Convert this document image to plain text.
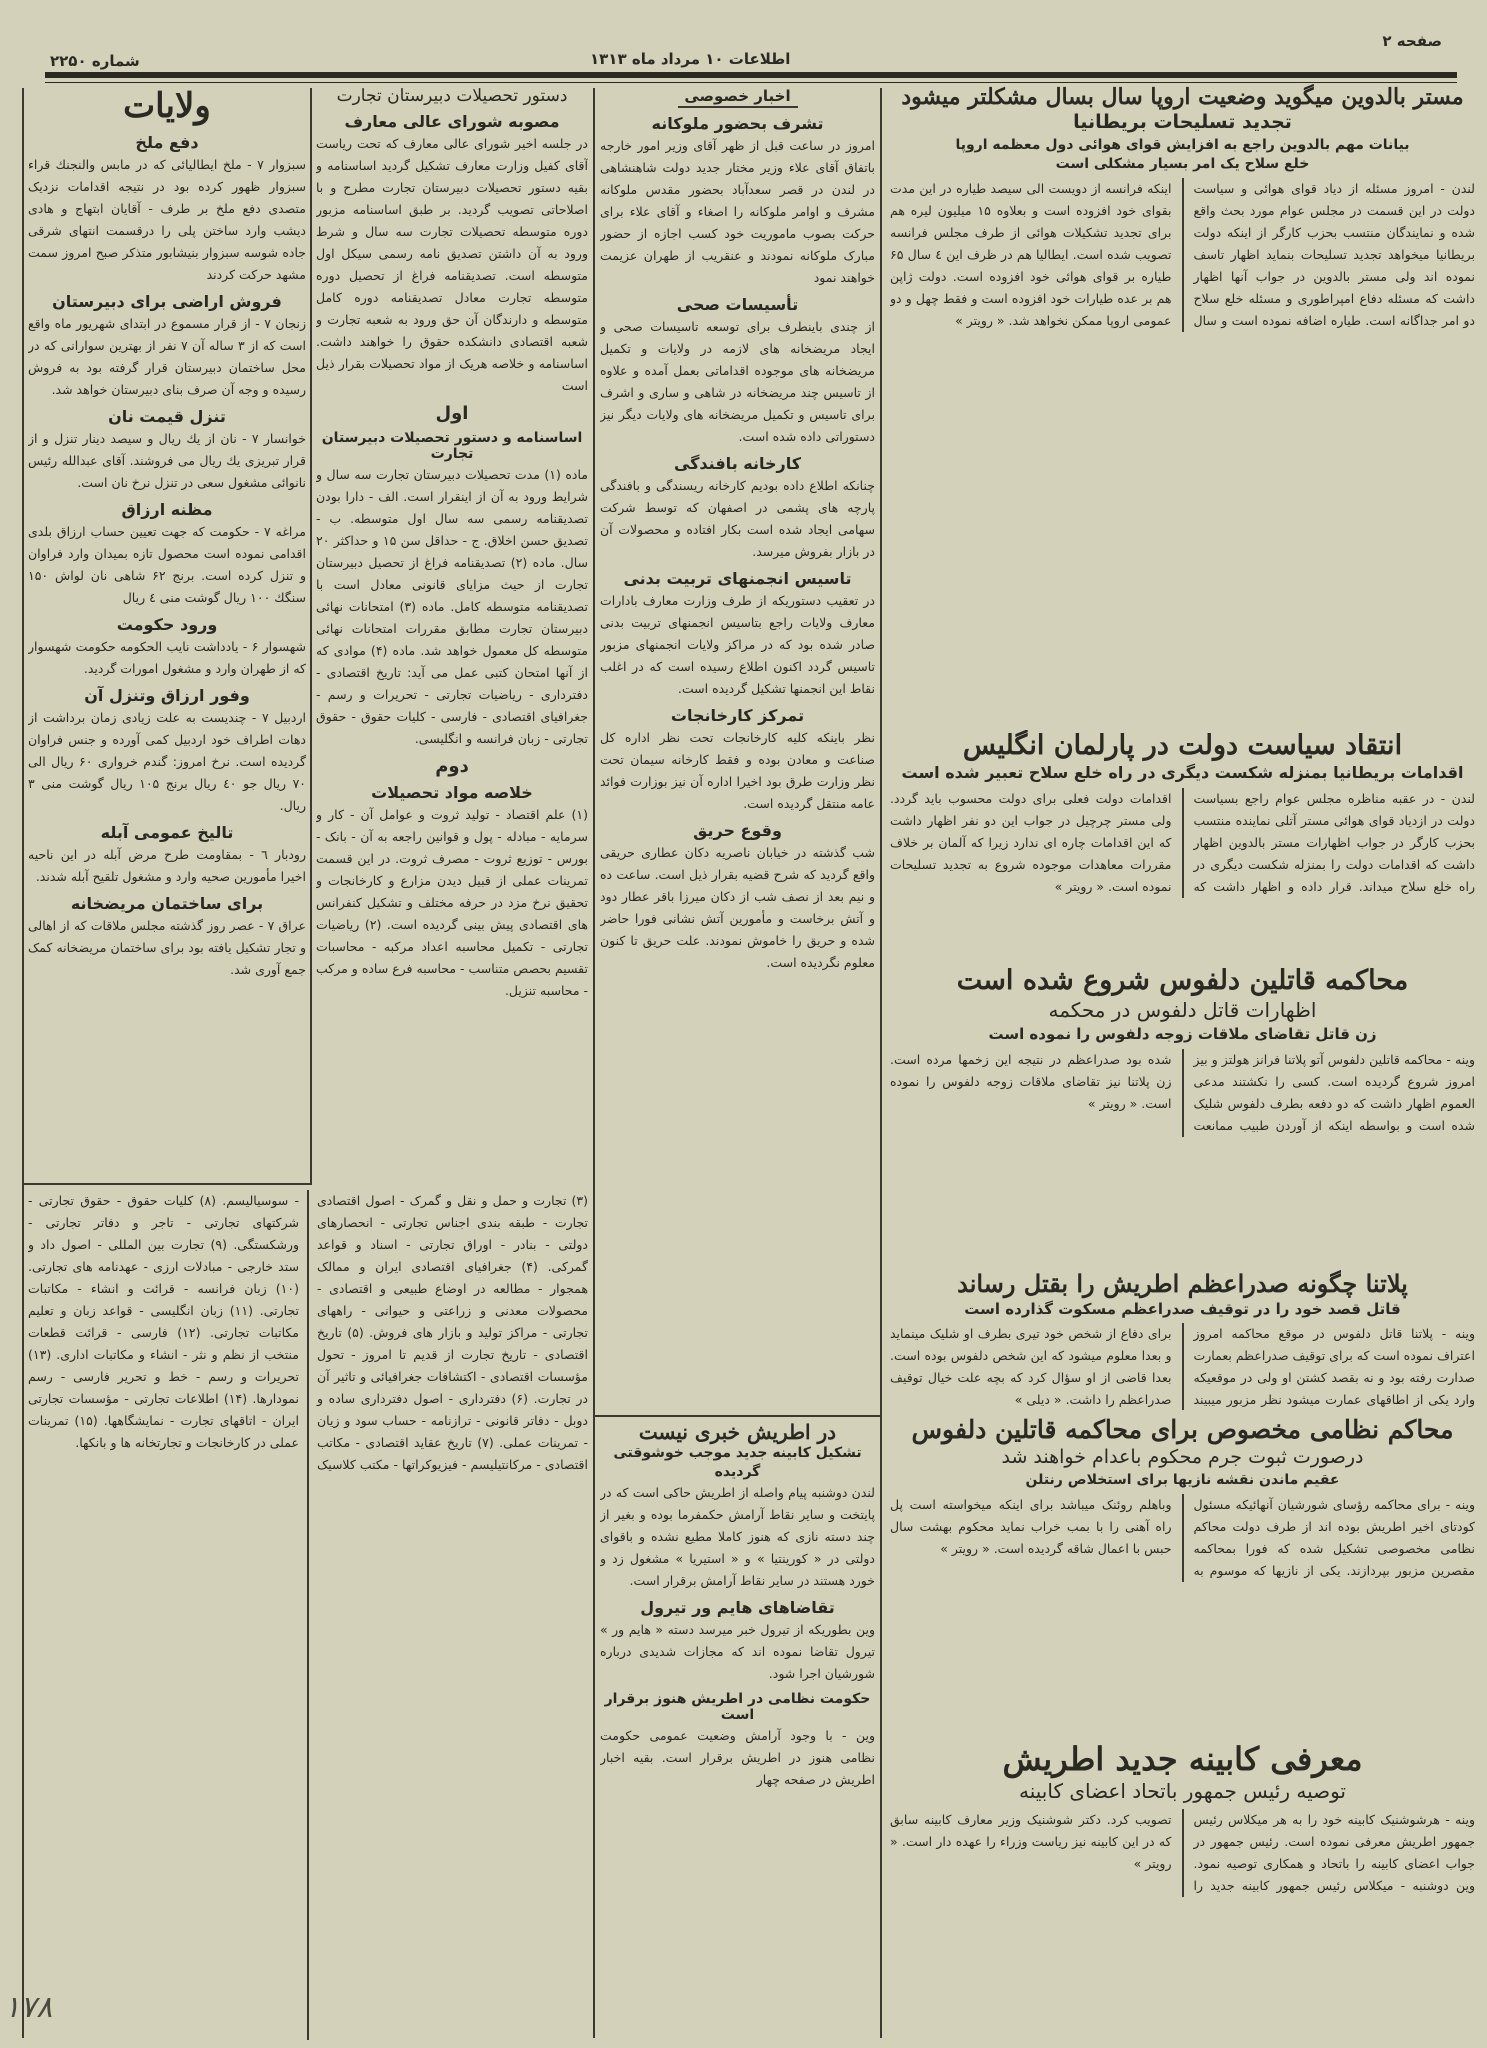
صفحه ۲
اطلاعات ۱۰ مرداد ماه ۱۳۱۳
شماره ۲۲۵۰
مستر بالدوین میگوید وضعیت اروپا سال بسال مشکلتر میشود
تجدید تسلیحات بریطانیا
بیانات مهم بالدوین راجع به افزایش قوای هوائی دول معظمه اروپا
خلع سلاح یک امر بسیار مشکلی است
لندن - امروز مسئله از دیاد قوای هوائی و سیاست دولت در این قسمت در مجلس عوام مورد بحث واقع شده و نمایندگان منتسب بحزب کارگر از اینکه دولت بریطانیا میخواهد تجدید تسلیحات بنماید اظهار تاسف نموده اند ولی مستر بالدوین در جواب آنها اظهار داشت که مسئله دفاع امپراطوری و مسئله خلع سلاح دو امر جداگانه است. طیاره اضافه نموده است و سال اینکه فرانسه از دویست الی سیصد طیاره در این مدت بقوای خود افزوده است و بعلاوه ۱۵ میلیون لیره هم برای تجدید تشکیلات هوائی از طرف مجلس فرانسه تصویب شده است. ایطالیا هم در ظرف این ٤ سال ۶۵ طیاره بر قوای هوائی خود افزوده است. دولت ژاپن هم بر عده طیارات خود افزوده است و فقط چهل و دو عمومی اروپا ممکن نخواهد شد. « رویتر »
انتقاد سیاست دولت در پارلمان انگلیس
اقدامات بریطانیا بمنزله شکست دیگری در راه خلع سلاح تعبیر شده است
لندن - در عقبه مناظره مجلس عوام راجع بسیاست دولت در ازدیاد قوای هوائی مستر آتلی نماینده منتسب بحزب کارگر در جواب اظهارات مستر بالدوین اظهار داشت که اقدامات دولت را بمنزله شکست دیگری در راه خلع سلاح میداند. قرار داده و اظهار داشت که اقدامات دولت فعلی برای دولت محسوب باید گردد. ولی مستر چرچیل در جواب این دو نفر اظهار داشت که این اقدامات چاره ای ندارد زیرا که آلمان بر خلاف مقررات معاهدات موجوده شروع به تجدید تسلیحات نموده است. « رویتر »
محاکمه قاتلین دلفوس شروع شده است
اظهارات قاتل دلفوس در محکمه
زن قاتل تقاضای ملاقات زوجه دلفوس را نموده است
وینه - محاکمه قاتلین دلفوس آتو پلاتنا فرانز هولتز و بیز امروز شروع گردیده است. کسی را نکشتند مدعی العموم اظهار داشت که دو دفعه بطرف دلفوس شلیک شده است و بواسطه اینکه از آوردن طبیب ممانعت شده بود صدراعظم در نتیجه این زخمها مرده است. زن پلاتنا نیز تقاضای ملاقات زوجه دلفوس را نموده است. « رویتر »
پلاتنا چگونه صدراعظم اطریش را بقتل رساند
قاتل قصد خود را در توقیف صدراعظم مسکوت گذارده است
وینه - پلاتنا قاتل دلفوس در موقع محاکمه امروز اعتراف نموده است که برای توقیف صدراعظم بعمارت صدارت رفته بود و نه بقصد کشتن او ولی در موقعیکه وارد یکی از اطاقهای عمارت میشود نظر مزبور میبیند برای دفاع از شخص خود تیری بطرف او شلیک مینماید و بعدا معلوم میشود که این شخص دلفوس بوده است. بعدا قاضی از او سؤال کرد که بچه علت خیال توقیف صدراعظم را داشت. « دیلی »
محاکم نظامی مخصوص برای محاکمه قاتلین دلفوس
درصورت ثبوت جرم محکوم باعدام خواهند شد
عقیم ماندن نقشه نازیها برای استخلاص رنتلن
وینه - برای محاکمه رؤسای شورشیان آنهائیکه مسئول کودتای اخیر اطریش بوده اند از طرف دولت محاکم نظامی مخصوصی تشکیل شده که فورا بمحاکمه مقصرین مزبور بپردازند. یکی از نازیها که موسوم به وباهلم روئنک میباشد برای اینکه میخواسته است پل راه آهنی را با بمب خراب نماید محکوم بهشت سال حبس با اعمال شاقه گردیده است. « رویتر »
معرفی کابینه جدید اطریش
توصیه رئیس جمهور باتحاد اعضای کابینه
وینه - هرشوشنیک کابینه خود را به هر میکلاس رئیس جمهور اطریش معرفی نموده است. رئیس جمهور در جواب اعضای کابینه را باتحاد و همکاری توصیه نمود. وین دوشنبه - میکلاس رئیس جمهور کابینه جدید را تصویب کرد. دکتر شوشنیک وزیر معارف کابینه سابق که در این کابینه نیز ریاست وزراء را عهده دار است. « رویتر »
اخبار خصوصی
تشرف بحضور ملوکانه
امروز در ساعت قبل از ظهر آقای وزیر امور خارجه باتفاق آقای علاء وزیر مختار جدید دولت شاهنشاهی در لندن در قصر سعدآباد بحضور مقدس ملوکانه مشرف و اوامر ملوکانه را اصغاء و آقای علاء برای حرکت بصوب ماموریت خود کسب اجازه از حضور مبارک ملوکانه نمودند و عنقریب از طهران عزیمت خواهند نمود
تأسیسات صحی
از چندی باینطرف برای توسعه تاسیسات صحی و ایجاد مریضخانه های لازمه در ولایات و تکمیل مریضخانه های موجوده اقداماتی بعمل آمده و علاوه از تاسیس چند مریضخانه در شاهی و ساری و اشرف برای تاسیس و تکمیل مریضخانه های ولایات دیگر نیز دستوراتی داده شده است.
کارخانه بافندگی
چنانکه اطلاع داده بودیم کارخانه ریسندگی و بافندگی پارچه های پشمی در اصفهان که توسط شرکت سهامی ایجاد شده است بکار افتاده و محصولات آن در بازار بفروش میرسد.
تاسیس انجمنهای تربیت بدنی
در تعقیب دستوریکه از طرف وزارت معارف بادارات معارف ولایات راجع بتاسیس انجمنهای تربیت بدنی صادر شده بود که در مراکز ولایات انجمنهای مزبور تاسیس گردد اکنون اطلاع رسیده است که در اغلب نقاط این انجمنها تشکیل گردیده است.
تمرکز کارخانجات
نظر باینکه کلیه کارخانجات تحت نظر اداره کل صناعت و معادن بوده و فقط کارخانه سیمان تحت نظر وزارت طرق بود اخیرا اداره آن نیز بوزارت فوائد عامه منتقل گردیده است.
وقوع حریق
شب گذشته در خیابان ناصریه دکان عطاری حریقی واقع گردید که شرح قضیه بقرار ذیل است. ساعت ده و نیم بعد از نصف شب از دکان میرزا باقر عطار دود و آتش برخاست و مأمورین آتش نشانی فورا حاضر شده و حریق را خاموش نمودند. علت حریق تا کنون معلوم نگردیده است.
در اطریش خبری نیست
تشکیل کابینه جدید موجب خوشوقتی گردیده
لندن دوشنبه پیام واصله از اطریش حاکی است که در پایتخت و سایر نقاط آرامش حکمفرما بوده و بغیر از چند دسته نازی که هنوز کاملا مطیع نشده و باقوای دولتی در « کورینتیا » و « استیریا » مشغول زد و خورد هستند در سایر نقاط آرامش برقرار است.
تقاضاهای هایم ور تیرول
وین بطوریکه از تیرول خبر میرسد دسته « هایم ور » تیرول تقاضا نموده اند که مجازات شدیدی درباره شورشیان اجرا شود.
حکومت نظامی در اطریش هنوز برقرار است
وین - با وجود آرامش وضعیت عمومی حکومت نظامی هنوز در اطریش برقرار است. بقیه اخبار اطریش در صفحه چهار
دستور تحصیلات دبیرستان تجارت
مصوبه شورای عالی معارف
در جلسه اخیر شورای عالی معارف که تحت ریاست آقای کفیل وزارت معارف تشکیل گردید اساسنامه و بقیه دستور تحصیلات دبیرستان تجارت مطرح و با اصلاحاتی تصویب گردید. بر طبق اساسنامه مزبور دوره متوسطه تحصیلات تجارت سه سال و شرط ورود به آن داشتن تصدیق نامه رسمی سیکل اول متوسطه است. تصدیقنامه فراغ از تحصیل دوره متوسطه تجارت معادل تصدیقنامه دوره کامل متوسطه و دارندگان آن حق ورود به شعبه تجارت و شعبه اقتصادی دانشکده حقوق را خواهند داشت. اساسنامه و خلاصه هریک از مواد تحصیلات بقرار ذیل است
اول
اساسنامه و دستور تحصیلات دبیرستان تجارت
ماده (۱) مدت تحصیلات دبیرستان تجارت سه سال و شرایط ورود به آن از اینقرار است. الف - دارا بودن تصدیقنامه رسمی سه سال اول متوسطه. ب - تصدیق حسن اخلاق. ج - حداقل سن ۱۵ و حداکثر ۲۰ سال. ماده (۲) تصدیقنامه فراغ از تحصیل دبیرستان تجارت از حیث مزایای قانونی معادل است با تصدیقنامه متوسطه کامل. ماده (۳) امتحانات نهائی دبیرستان تجارت مطابق مقررات امتحانات نهائی متوسطه کل معمول خواهد شد. ماده (۴) موادی که از آنها امتحان کتبی عمل می آید: تاریخ اقتصادی - دفترداری - ریاضیات تجارتی - تحریرات و رسم - جغرافیای اقتصادی - فارسی - کلیات حقوق - حقوق تجارتی - زبان فرانسه و انگلیسی.
دوم
خلاصه مواد تحصیلات
(۱) علم اقتصاد - تولید ثروت و عوامل آن - کار و سرمایه - مبادله - پول و قوانین راجعه به آن - بانک - بورس - توزیع ثروت - مصرف ثروت. در این قسمت تمرینات عملی از قبیل دیدن مزارع و کارخانجات و تحقیق نرخ مزد در حرفه مختلف و تشکیل کنفرانس های اقتصادی پیش بینی گردیده است. (۲) ریاضیات تجارتی - تکمیل محاسبه اعداد مرکبه - محاسبات تقسیم بحصص متناسب - محاسبه فرع ساده و مرکب - محاسبه تنزیل.
(۳) تجارت و حمل و نقل و گمرک - اصول اقتصادی تجارت - طبقه بندی اجناس تجارتی - انحصارهای دولتی - بنادر - اوراق تجارتی - اسناد و قواعد گمرکی. (۴) جغرافیای اقتصادی ایران و ممالک همجوار - مطالعه در اوضاع طبیعی و اقتصادی - محصولات معدنی و زراعتی و حیوانی - راههای تجارتی - مراکز تولید و بازار های فروش. (۵) تاریخ اقتصادی - تاریخ تجارت از قدیم تا امروز - تحول مؤسسات اقتصادی - اکتشافات جغرافیائی و تاثیر آن در تجارت. (۶) دفترداری - اصول دفترداری ساده و دوبل - دفاتر قانونی - ترازنامه - حساب سود و زیان - تمرینات عملی. (۷) تاریخ عقاید اقتصادی - مکاتب اقتصادی - مرکانتیلیسم - فیزیوکراتها - مکتب کلاسیک - سوسیالیسم. (۸) کلیات حقوق - حقوق تجارتی - شرکتهای تجارتی - تاجر و دفاتر تجارتی - ورشکستگی. (۹) تجارت بین المللی - اصول داد و ستد خارجی - مبادلات ارزی - عهدنامه های تجارتی. (۱۰) زبان فرانسه - قرائت و انشاء - مکاتبات تجارتی. (۱۱) زبان انگلیسی - قواعد زبان و تعلیم مکاتبات تجارتی. (۱۲) فارسی - قرائت قطعات منتخب از نظم و نثر - انشاء و مکاتبات اداری. (۱۳) تحریرات و رسم - خط و تحریر فارسی - رسم نمودارها. (۱۴) اطلاعات تجارتی - مؤسسات تجارتی ایران - اتاقهای تجارت - نمایشگاهها. (۱۵) تمرینات عملی در کارخانجات و تجارتخانه ها و بانکها.
ولایات
دفع ملخ
سبزوار ۷ - ملخ ایطالیائی که در مابس والنجنك قراء سبزوار ظهور کرده بود در نتیجه اقدامات نزدیک متصدی دفع ملخ بر طرف - آقایان ابتهاج و هادی دیشب وارد ساختن پلی را درقسمت انتهای شرقی جاده شوسه سبزوار بنیشابور متذکر صبح امروز سمت مشهد حرکت کردند
فروش اراضی برای دبیرستان
زنجان ۷ - از قرار مسموع در ابتدای شهریور ماه واقع است که از ۳ ساله آن ۷ نفر از بهترین سوارانی که در محل ساختمان دبیرستان قرار گرفته بود به فروش رسیده و وجه آن صرف بنای دبیرستان خواهد شد.
تنزل قیمت نان
خوانسار ۷ - نان از یك ریال و سیصد دینار تنزل و از قرار تبریزی یك ریال می فروشند. آقای عبدالله رئیس نانوائی مشغول سعی در تنزل نرخ نان است.
مظنه ارزاق
مراغه ۷ - حکومت که جهت تعیین حساب ارزاق بلدی اقدامی نموده است محصول تازه بمیدان وارد فراوان و تنزل کرده است. برنج ۶۲ شاهی نان لواش ۱۵۰ سنگك ۱۰۰ ریال گوشت منی ٤ ریال
ورود حکومت
شهسوار ۶ - یادداشت نایب الحکومه حکومت شهسوار که از طهران وارد و مشغول امورات گردید.
وفور ارزاق وتنزل آن
اردبیل ۷ - چندیست به علت زیادی زمان برداشت از دهات اطراف خود اردبیل کمی آورده و جنس فراوان گردیده است. نرخ امروز: گندم خرواری ۶۰ ریال الی ۷۰ ریال جو ٤۰ ریال برنج ۱۰۵ ریال گوشت منی ۳ ریال.
تالیخ عمومی آبله
رودبار ٦ - بمقاومت طرح مرض آبله در این ناحیه اخیرا مأمورین صحیه وارد و مشغول تلقیح آبله شدند.
برای ساختمان مریضخانه
عراق ۷ - عصر روز گذشته مجلس ملاقات که از اهالی و تجار تشکیل یافته بود برای ساختمان مریضخانه کمک جمع آوری شد.
۱۷۸
